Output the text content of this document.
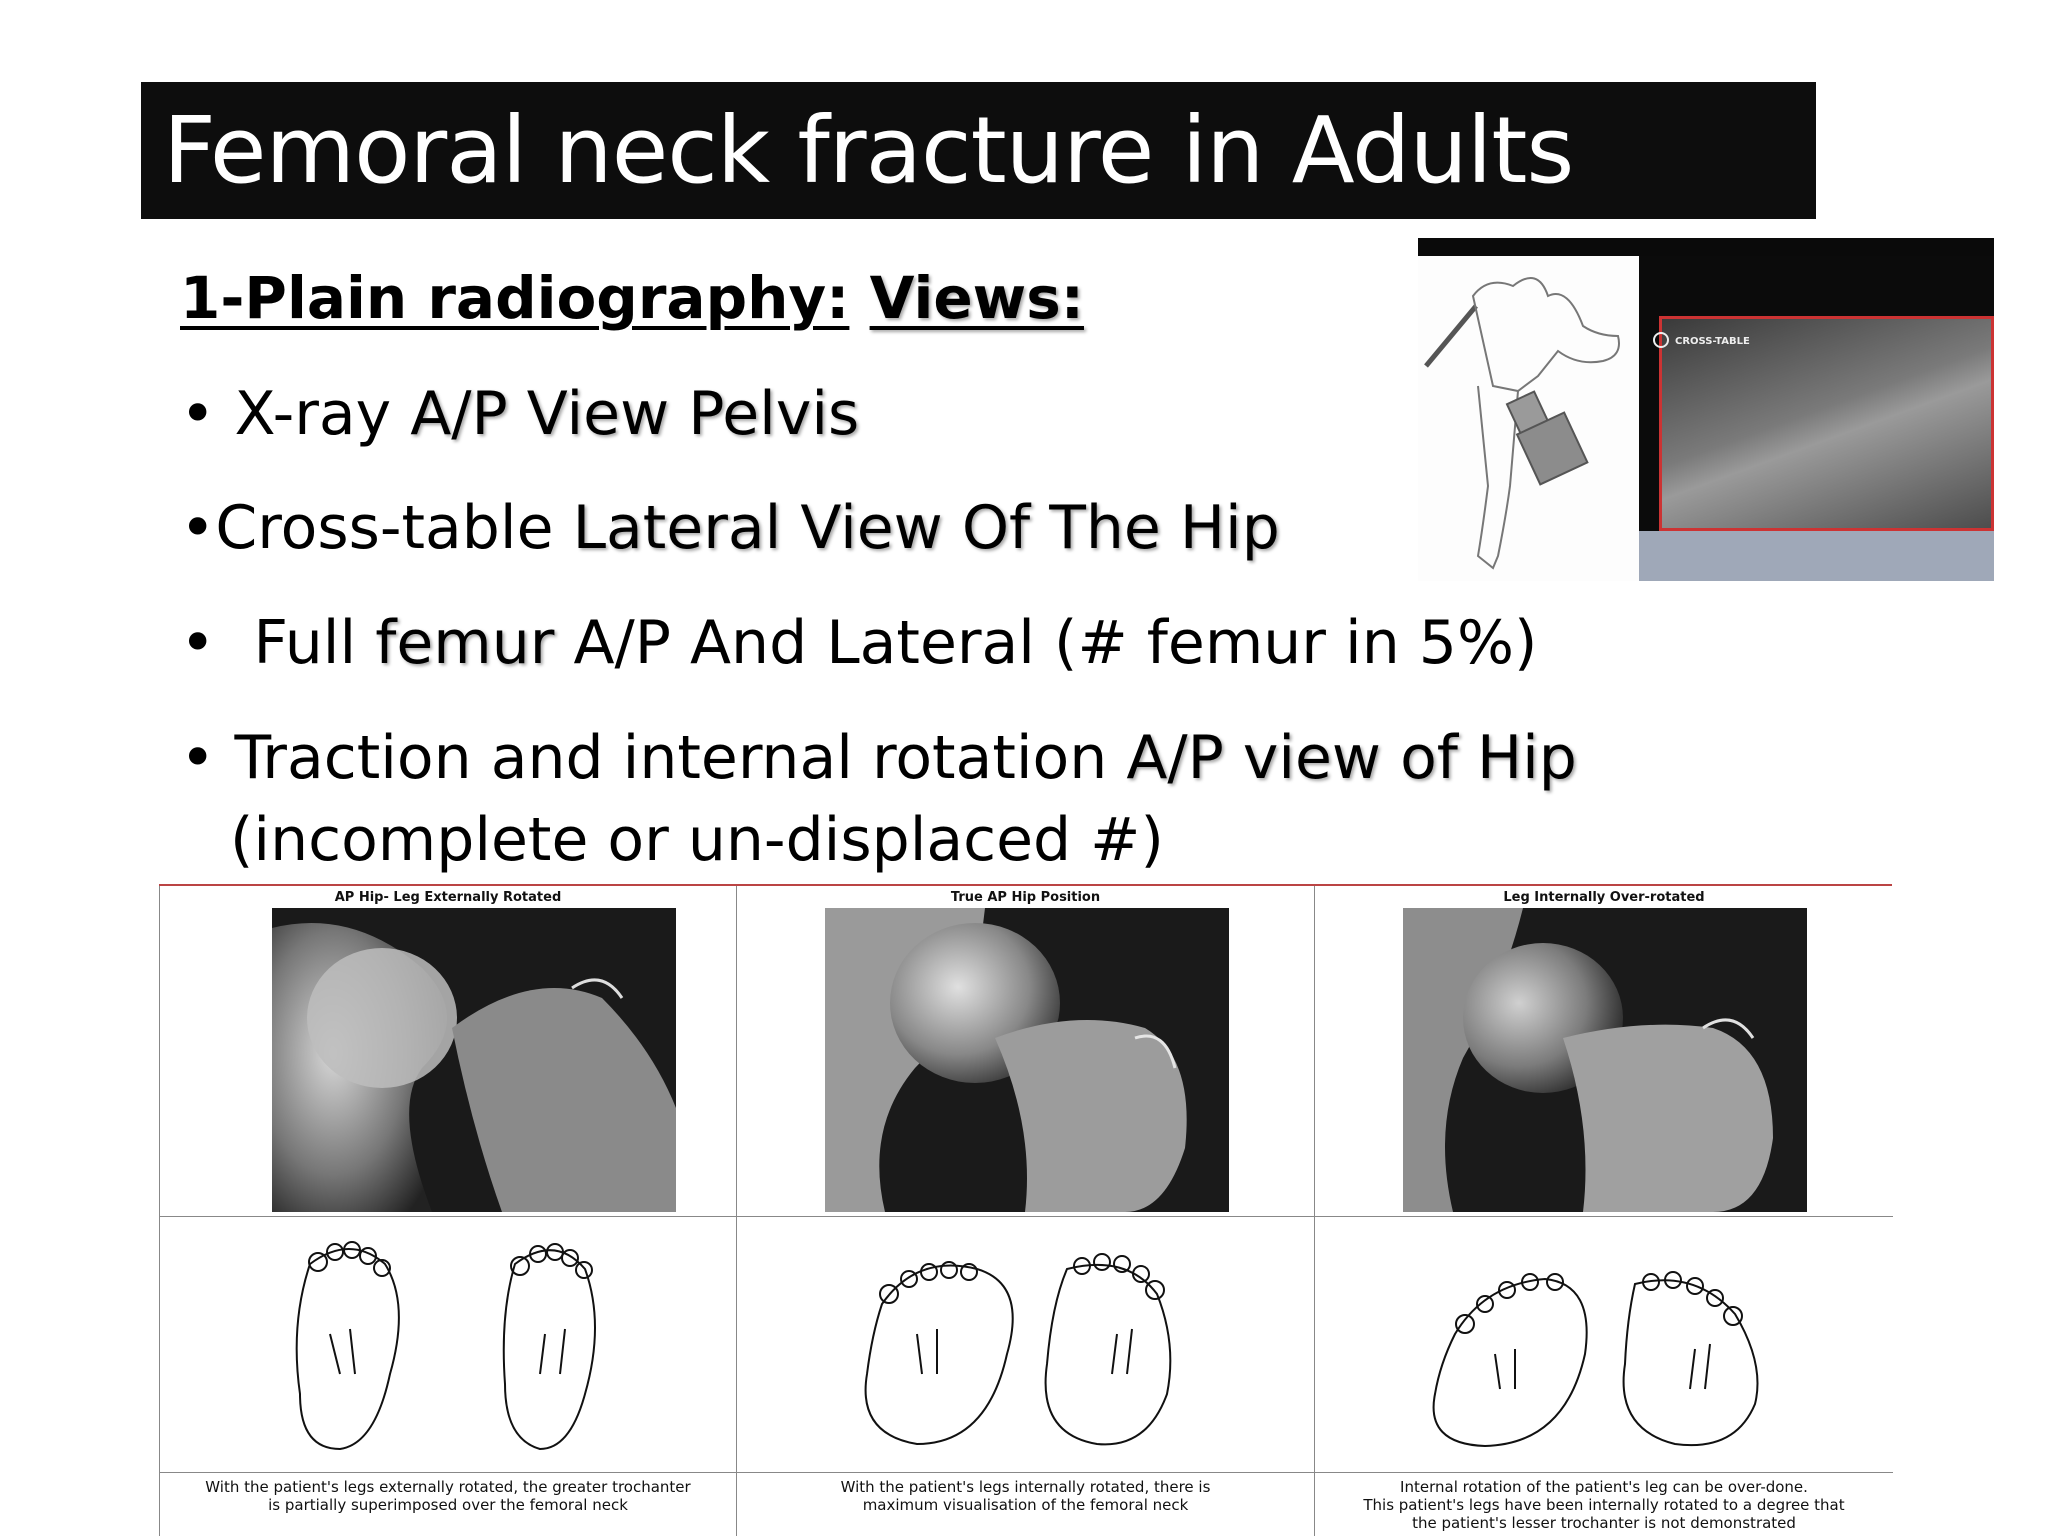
Femoral neck fracture in Adults
1-Plain radiography: Views:
• X-ray A/P View Pelvis
•Cross-table Lateral View Of The Hip
•  Full femur A/P And Lateral (# femur in 5%)
• Traction and internal rotation A/P view of Hip
(incomplete or un-displaced #)
CROSS-TABLE
AP Hip- Leg Externally Rotated
With the patient's legs externally rotated, the greater trochanter
is partially superimposed over the femoral neck
True AP Hip Position
With the patient's legs internally rotated, there is
maximum visualisation of the femoral neck
Leg Internally Over-rotated
Internal rotation of the patient's leg can be over-done.
This patient's legs have been internally rotated to a degree that
the patient's lesser trochanter is not demonstrated
